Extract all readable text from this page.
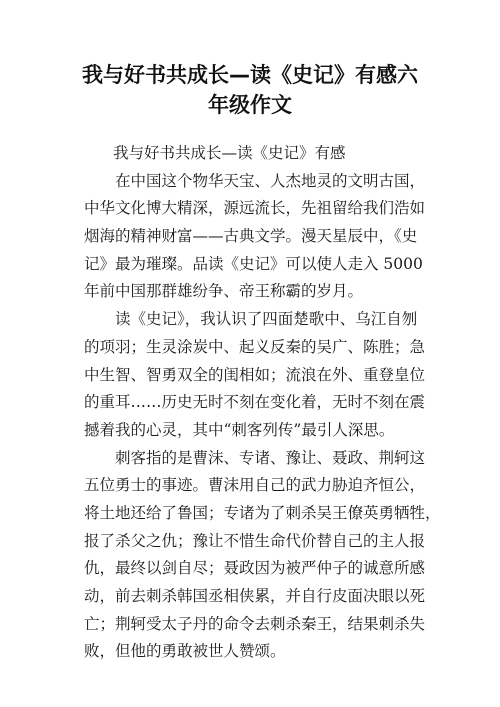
我与好书共成长—读《史记》有感六
年级作文
我与好书共成长—读《史记》有感
在中国这个物华天宝、人杰地灵的文明古国，
中华文化博大精深，源远流长，先祖留给我们浩如
烟海的精神财富——古典文学。漫天星辰中，《史
记》最为璀璨。品读《史记》可以使人走入 5000
年前中国那群雄纷争、帝王称霸的岁月。
读《史记》，我认识了四面楚歌中、乌江自刎
的项羽；生灵涂炭中、起义反秦的吴广、陈胜；急
中生智、智勇双全的闺相如；流浪在外、重登皇位
的重耳……历史无时不刻在变化着，无时不刻在震
撼着我的心灵，其中“刺客列传”最引人深思。
刺客指的是曹沫、专诸、豫让、聂政、荆轲这
五位勇士的事迹。曹沫用自己的武力胁迫齐恒公，
将土地还给了鲁国；专诸为了刺杀吴王僚英勇牺牲，
报了杀父之仇；豫让不惜生命代价替自己的主人报
仇，最终以剑自尽；聂政因为被严仲子的诚意所感
动，前去刺杀韩国丞相侠累，并自行皮面决眼以死
亡；荆轲受太子丹的命令去刺杀秦王，结果刺杀失
败，但他的勇敢被世人赞颂。
